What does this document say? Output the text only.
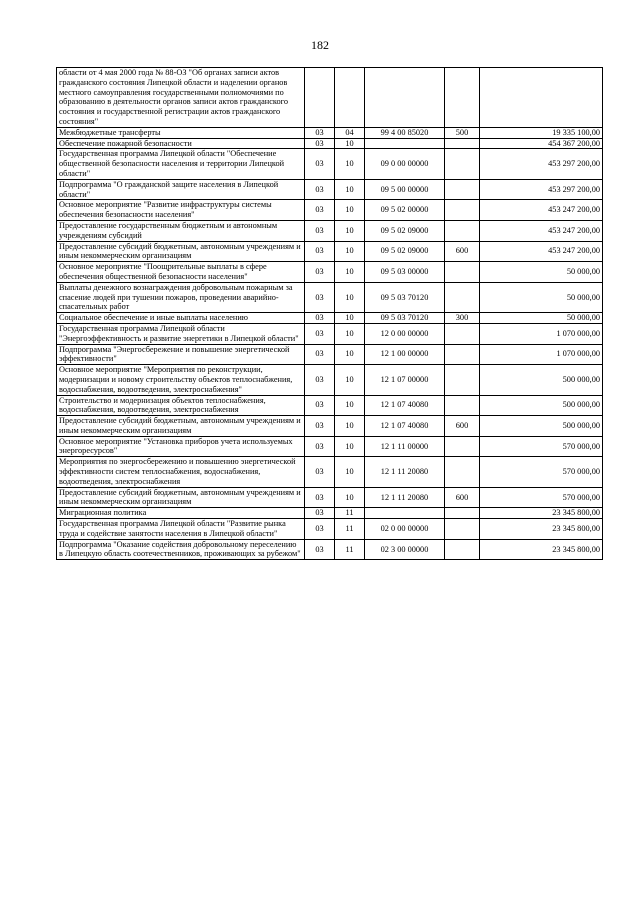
182
области от 4 мая 2000 года № 88-ОЗ "Об органах записи актов гражданского состояния Липецкой области и наделении органов местного самоуправления государственными полномочиями по образованию в деятельности органов записи актов гражданского состояния и государственной регистрации актов гражданского состояния"					
Межбюджетные трансферты	03	04	99 4 00 85020	500	19 335 100,00
Обеспечение пожарной безопасности	03	10			454 367 200,00
Государственная программа Липецкой области "Обеспечение общественной безопасности населения и территории Липецкой области"	03	10	09 0 00 00000		453 297 200,00
Подпрограмма "О гражданской защите населения в Липецкой области"	03	10	09 5 00 00000		453 297 200,00
Основное мероприятие "Развитие инфраструктуры системы обеспечения безопасности населения"	03	10	09 5 02 00000		453 247 200,00
Предоставление государственным бюджетным и автономным учреждениям субсидий	03	10	09 5 02 09000		453 247 200,00
Предоставление субсидий бюджетным, автономным учреждениям и иным некоммерческим организациям	03	10	09 5 02 09000	600	453 247 200,00
Основное мероприятие "Поощрительные выплаты в сфере обеспечения общественной безопасности населения"	03	10	09 5 03 00000		50 000,00
Выплаты денежного вознаграждения добровольным пожарным за спасение людей при тушении пожаров, проведении аварийно-спасательных работ	03	10	09 5 03 70120		50 000,00
Социальное обеспечение и иные выплаты населению	03	10	09 5 03 70120	300	50 000,00
Государственная программа Липецкой области "Энергоэффективность и развитие энергетики в Липецкой области"	03	10	12 0 00 00000		1 070 000,00
Подпрограмма "Энергосбережение и повышение энергетической эффективности"	03	10	12 1 00 00000		1 070 000,00
Основное мероприятие "Мероприятия по реконструкции, модернизации и новому строительству объектов теплоснабжения, водоснабжения, водоотведения, электроснабжения"	03	10	12 1 07 00000		500 000,00
Строительство и модернизация объектов теплоснабжения, водоснабжения, водоотведения, электроснабжения	03	10	12 1 07 40080		500 000,00
Предоставление субсидий бюджетным, автономным учреждениям и иным некоммерческим организациям	03	10	12 1 07 40080	600	500 000,00
Основное мероприятие "Установка приборов учета используемых энергоресурсов"	03	10	12 1 11 00000		570 000,00
Мероприятия по энергосбережению и повышению энергетической эффективности систем теплоснабжения, водоснабжения, водоотведения, электроснабжения	03	10	12 1 11 20080		570 000,00
Предоставление субсидий бюджетным, автономным учреждениям и иным некоммерческим организациям	03	10	12 1 11 20080	600	570 000,00
Миграционная политика	03	11			23 345 800,00
Государственная программа Липецкой области "Развитие рынка труда и содействие занятости населения в Липецкой области"	03	11	02 0 00 00000		23 345 800,00
Подпрограмма "Оказание содействия добровольному переселению в Липецкую область соотечественников, проживающих за рубежом"	03	11	02 3 00 00000		23 345 800,00
